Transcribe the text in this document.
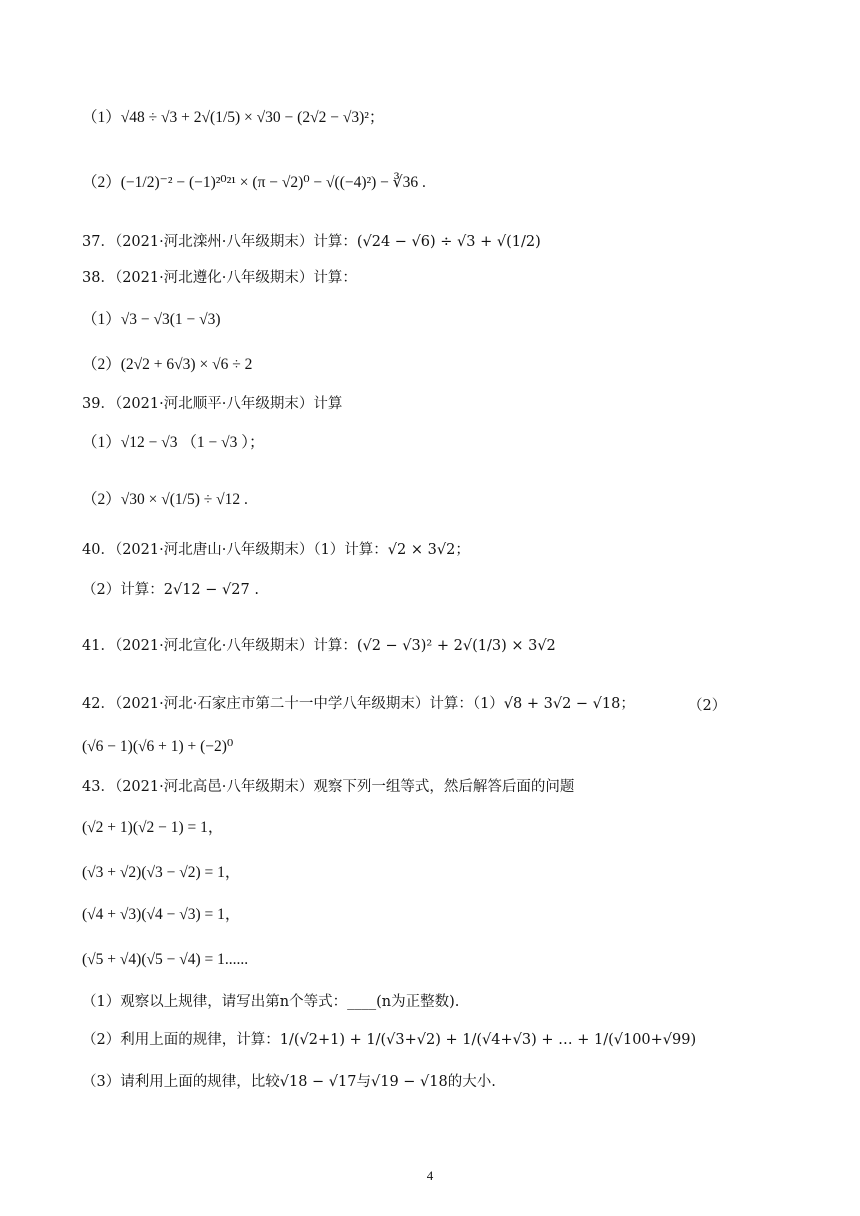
（1）√48 ÷ √3 + 2√(1/5) × √30 − (2√2 − √3)²；
（2）(−1/2)⁻² − (−1)²⁰²¹ × (π − √2)⁰ − √((−4)²) − ∛36 .
37．（2021·河北滦州·八年级期末）计算：(√24 − √6) ÷ √3 + √(1/2)
38．（2021·河北遵化·八年级期末）计算：
（1）√3 − √3(1 − √3)
（2）(2√2 + 6√3) × √6 ÷ 2
39．（2021·河北顺平·八年级期末）计算
（1）√12 − √3 （1 − √3 ）；
（2）√30 × √(1/5) ÷ √12 .
40．（2021·河北唐山·八年级期末）（1）计算：√2 × 3√2；
（2）计算：2√12 − √27 .
41．（2021·河北宣化·八年级期末）计算：(√2 − √3)² + 2√(1/3) × 3√2
42．（2021·河北·石家庄市第二十一中学八年级期末）计算：（1）√8 + 3√2 − √18；	（2）
(√6 − 1)(√6 + 1) + (−2)⁰
43．（2021·河北高邑·八年级期末）观察下列一组等式，然后解答后面的问题
(√2 + 1)(√2 − 1) = 1，
(√3 + √2)(√3 − √2) = 1，
(√4 + √3)(√4 − √3) = 1，
(√5 + √4)(√5 − √4) = 1......
（1）观察以上规律，请写出第n个等式：____(n为正整数).
（2）利用上面的规律，计算：1/(√2+1) + 1/(√3+√2) + 1/(√4+√3) + … + 1/(√100+√99)
（3）请利用上面的规律，比较√18 − √17与√19 − √18的大小.
4
